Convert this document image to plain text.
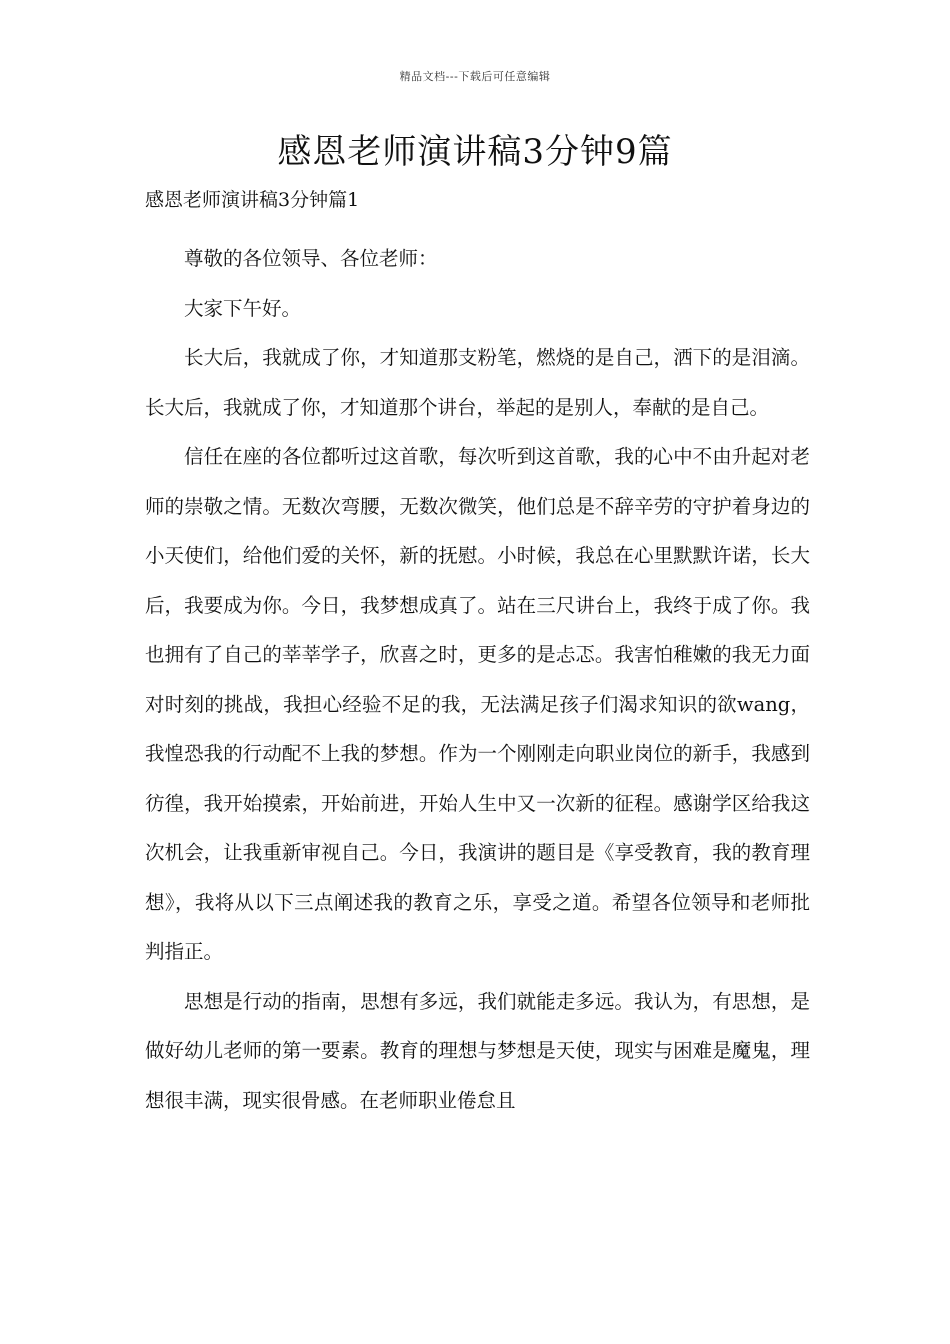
精品文档---下载后可任意编辑
感恩老师演讲稿3分钟9篇
感恩老师演讲稿3分钟篇1

尊敬的各位领导、各位老师：

大家下午好。

长大后，我就成了你，才知道那支粉笔，燃烧的是自己，洒下的是泪滴。长大后，我就成了你，才知道那个讲台，举起的是别人，奉献的是自己。

信任在座的各位都听过这首歌，每次听到这首歌，我的心中不由升起对老师的崇敬之情。无数次弯腰，无数次微笑，他们总是不辞辛劳的守护着身边的小天使们，给他们爱的关怀，新的抚慰。小时候，我总在心里默默许诺，长大后，我要成为你。今日，我梦想成真了。站在三尺讲台上，我终于成了你。我也拥有了自己的莘莘学子，欣喜之时，更多的是忐忑。我害怕稚嫩的我无力面对时刻的挑战，我担心经验不足的我，无法满足孩子们渴求知识的欲wang，我惶恐我的行动配不上我的梦想。作为一个刚刚走向职业岗位的新手，我感到彷徨，我开始摸索，开始前进，开始人生中又一次新的征程。感谢学区给我这次机会，让我重新审视自己。今日，我演讲的题目是《享受教育，我的教育理想》，我将从以下三点阐述我的教育之乐，享受之道。希望各位领导和老师批判指正。

思想是行动的指南，思想有多远，我们就能走多远。我认为，有思想，是做好幼儿老师的第一要素。教育的理想与梦想是天使，现实与困难是魔鬼，理想很丰满，现实很骨感。在老师职业倦怠且
